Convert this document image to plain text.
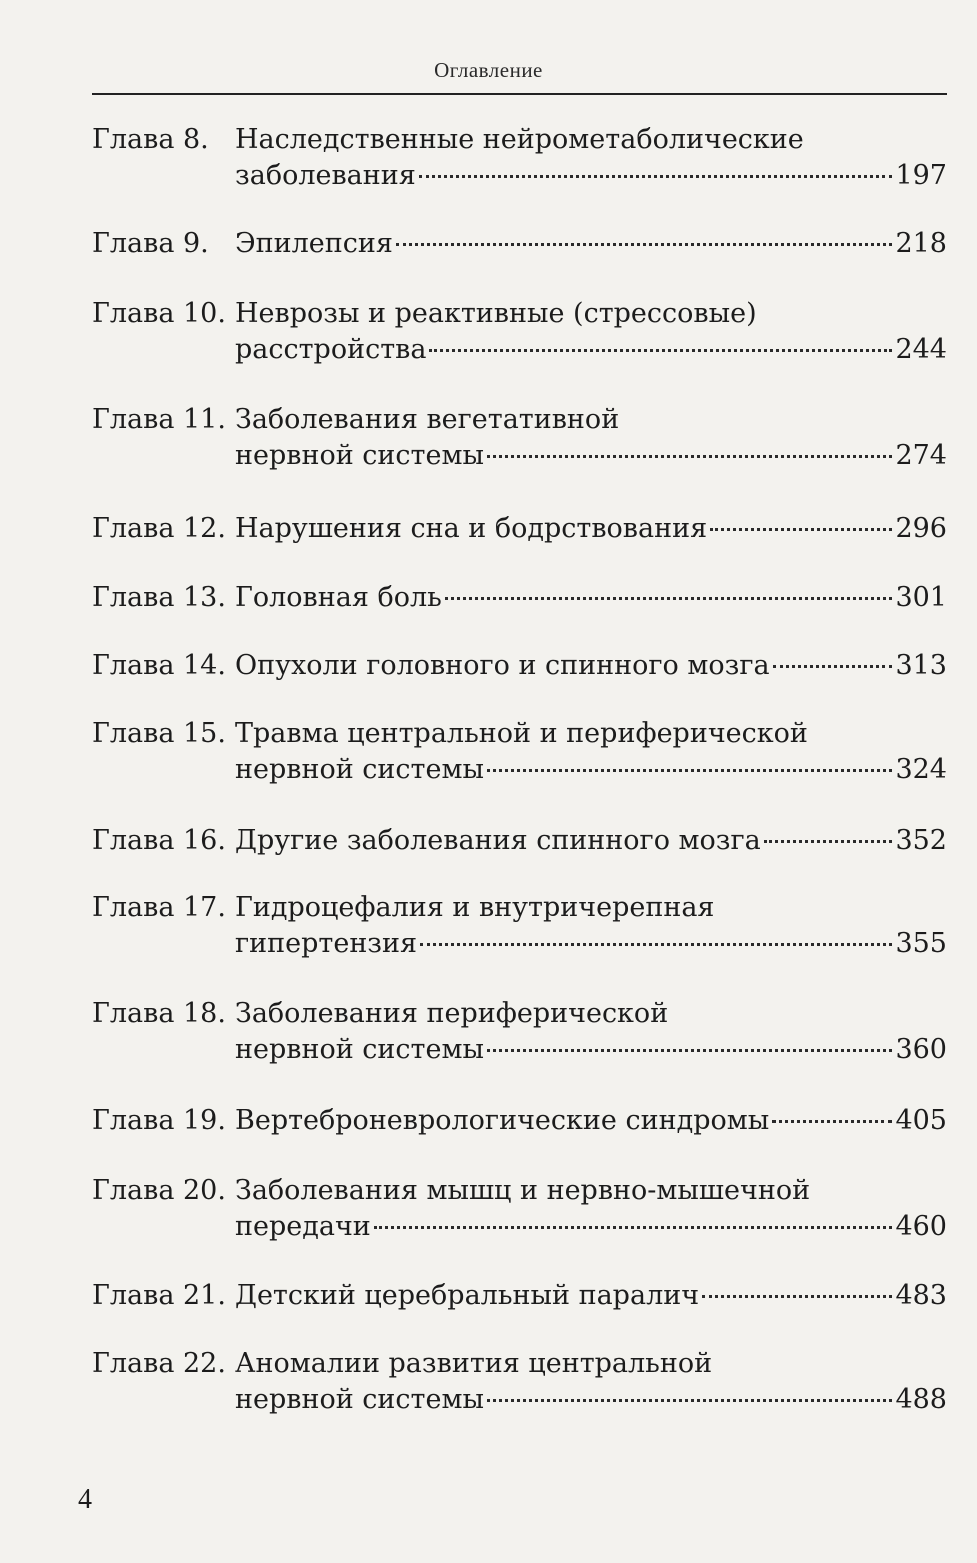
Оглавление
Глава 8. Наследственные нейрометаболические
заболевания	197
Глава 9. Эпилепсия	218
Глава 10. Неврозы и реактивные (стрессовые)
расстройства	244
Глава 11. Заболевания вегетативной
нервной системы	274
Глава 12. Нарушения сна и бодрствования	296
Глава 13. Головная боль	301
Глава 14. Опухоли головного и спинного мозга	313
Глава 15. Травма центральной и периферической
нервной системы	324
Глава 16. Другие заболевания спинного мозга	352
Глава 17. Гидроцефалия и внутричерепная
гипертензия	355
Глава 18. Заболевания периферической
нервной системы	360
Глава 19. Вертеброневрологические синдромы	405
Глава 20. Заболевания мышц и нервно-мышечной
передачи	460
Глава 21. Детский церебральный паралич	483
Глава 22. Аномалии развития центральной
нервной системы	488
4
